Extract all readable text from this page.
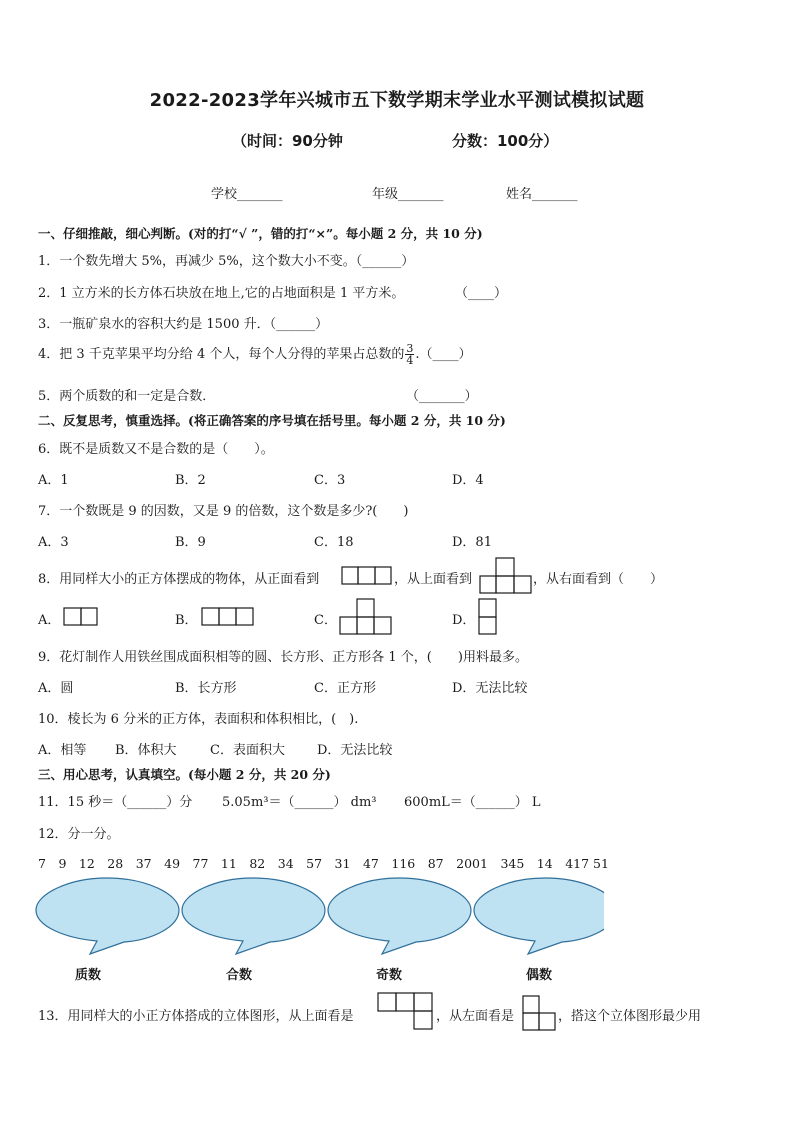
2022-2023学年兴城市五下数学期末学业水平测试模拟试题
（时间：90分钟	分数：100分）
学校_______	年级_______	姓名_______
一、仔细推敲，细心判断。(对的打“√ ”，错的打“×”。每小题 2 分，共 10 分)
1．一个数先增大 5%，再减少 5%，这个数大小不变。（______）
2．1 立方米的长方体石块放在地上,它的占地面积是 1 平方米。	（____）
3．一瓶矿泉水的容积大约是 1500 升．（______）
4．把 3 千克苹果平均分给 4 个人，每个人分得的苹果占总数的 $\frac{3}{4}$ .（____）
5．两个质数的和一定是合数．	（_______）
二、反复思考，慎重选择。(将正确答案的序号填在括号里。每小题 2 分，共 10 分)
6．既不是质数又不是合数的是（　　）。
A．1	B．2	C．3	D．4
7．一个数既是 9 的因数，又是 9 的倍数，这个数是多少?(　　)
A．3	B．9	C．18	D．81
8．用同样大小的正方体摆成的物体，从正面看到	，从上面看到	，从右面看到（　　）
A．	B．	C．	D．
9．花灯制作人用铁丝围成面积相等的圆、长方形、正方形各 1 个，(　　)用料最多。
A．圆	B．长方形	C．正方形	D．无法比较
10．棱长为 6 分米的正方体，表面积和体积相比，(　).
A．相等 B．体积大	C．表面积大 D．无法比较
三、用心思考，认真填空。(每小题 2 分，共 20 分)
11．15 秒＝（______）分 5.05m³＝（______） dm³ 600mL＝（______） L
12．分一分。
7　9　12　28　37　49　77　11　82　34　57　31　47　116　87　2001　345　14　417 51
质数	合数	奇数	偶数
13．用同样大的小正方体搭成的立体图形，从上面看是	，从左面看是	，搭这个立体图形最少用
